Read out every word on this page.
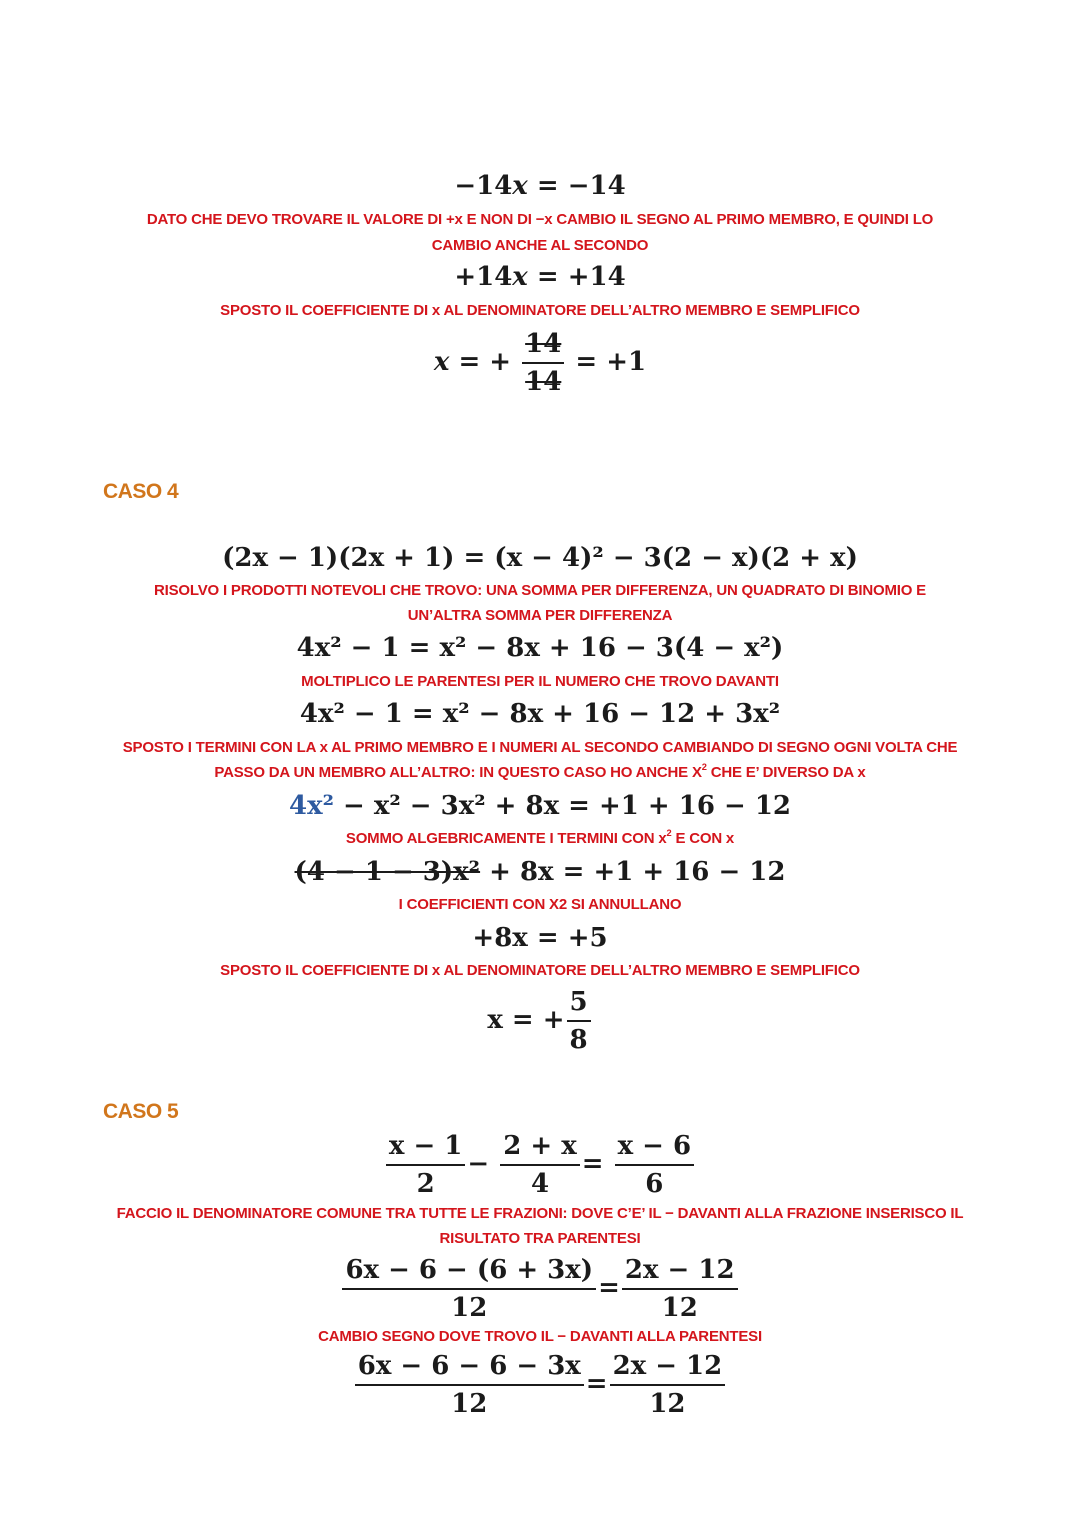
−14x = −14
DATO CHE DEVO TROVARE IL VALORE DI +x E NON DI −x CAMBIO IL SEGNO AL PRIMO MEMBRO, E QUINDI LO
CAMBIO ANCHE AL SECONDO
+14x = +14
SPOSTO IL COEFFICIENTE DI x AL DENOMINATORE DELL’ALTRO MEMBRO E SEMPLIFICO
x = + $\frac{14}{14} = +1$
CASO 4
(2x − 1)(2x + 1) = (x − 4)² − 3(2 − x)(2 + x)
RISOLVO I PRODOTTI NOTEVOLI CHE TROVO: UNA SOMMA PER DIFFERENZA, UN QUADRATO DI BINOMIO E
UN’ALTRA SOMMA PER DIFFERENZA
4x² − 1 = x² − 8x + 16 − 3(4 − x²)
MOLTIPLICO LE PARENTESI PER IL NUMERO CHE TROVO DAVANTI
4x² − 1 = x² − 8x + 16 − 12 + 3x²
SPOSTO I TERMINI CON LA x AL PRIMO MEMBRO E I NUMERI AL SECONDO CAMBIANDO DI SEGNO OGNI VOLTA CHE
PASSO DA UN MEMBRO ALL’ALTRO: IN QUESTO CASO HO ANCHE $X^2$ CHE E’ DIVERSO DA x
4x² − x² − 3x² + 8x = +1 + 16 − 12
SOMMO ALGEBRICAMENTE I TERMINI CON $x^2$ E CON x
(4 − 1 − 3)x² + 8x = +1 + 16 − 12
I COEFFICIENTI CON X2 SI ANNULLANO
+8x = +5
SPOSTO IL COEFFICIENTE DI x AL DENOMINATORE DELL’ALTRO MEMBRO E SEMPLIFICO
x = + $\frac{5}{8}$
CASO 5
$\frac{x - 1}{2} - \frac{2 + x}{4} = \frac{x - 6}{6}$
FACCIO IL DENOMINATORE COMUNE TRA TUTTE LE FRAZIONI: DOVE C’E’ IL − DAVANTI ALLA FRAZIONE INSERISCO IL
RISULTATO TRA PARENTESI
$\frac{6x - 6 - (6 + 3x)}{12} = \frac{2x - 12}{12}$
CAMBIO SEGNO DOVE TROVO IL − DAVANTI ALLA PARENTESI
$\frac{6x - 6 - 6 - 3x}{12} = \frac{2x - 12}{12}$
